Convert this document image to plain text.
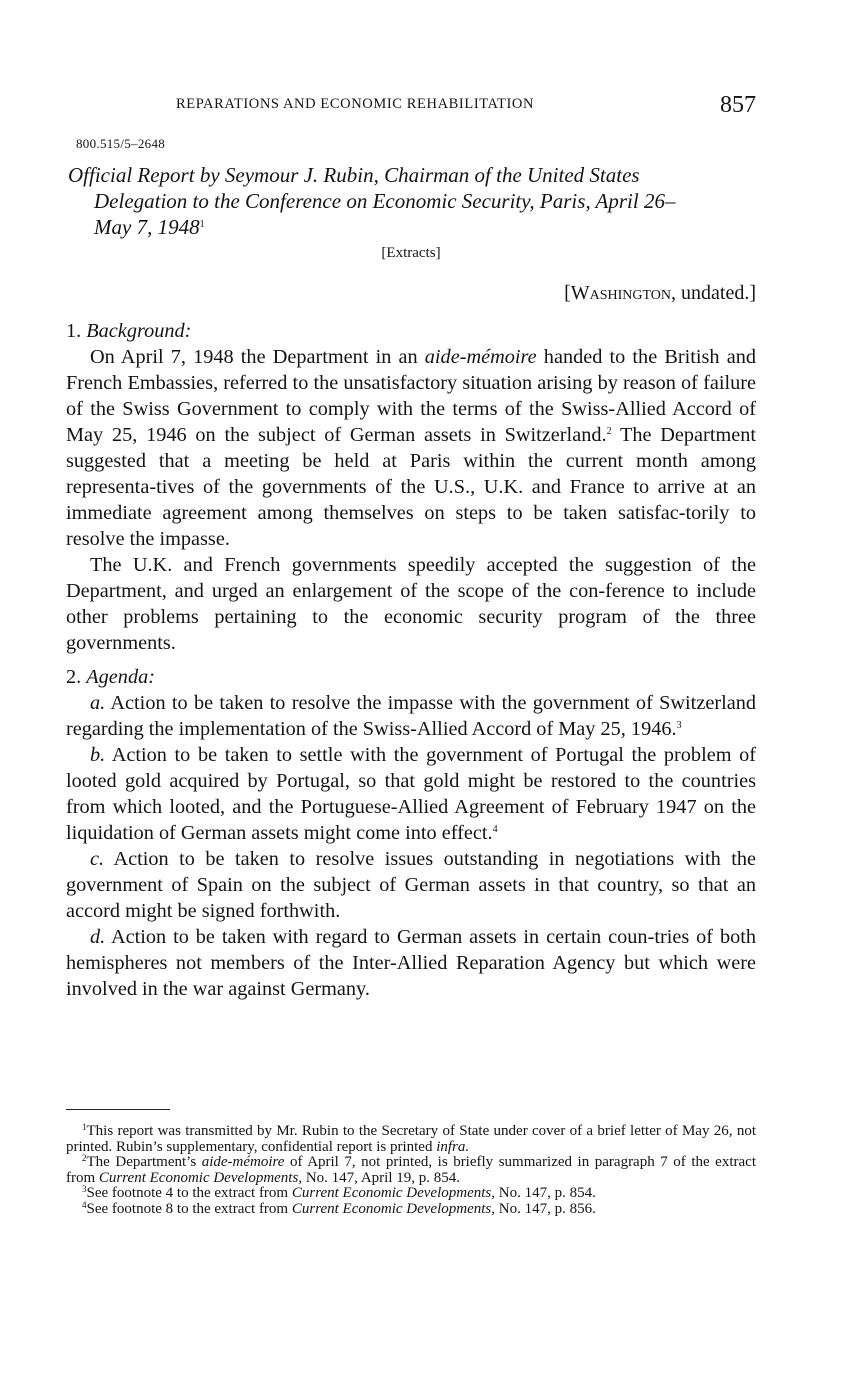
REPARATIONS AND ECONOMIC REHABILITATION	857
800.515/5–2648
Official Report by Seymour J. Rubin, Chairman of the United States
Delegation to the Conference on Economic Security, Paris, April 26–
May 7, 1948$^1$
[Extracts]
[Washington, undated.]
1. Background:

On April 7, 1948 the Department in an aide-mémoire handed to the British and French Embassies, referred to the unsatisfactory situation arising by reason of failure of the Swiss Government to comply with the terms of the Swiss-Allied Accord of May 25, 1946 on the subject of German assets in Switzerland.$^2$ The Department suggested that a meeting be held at Paris within the current month among representa-tives of the governments of the U.S., U.K. and France to arrive at an immediate agreement among themselves on steps to be taken satisfac-torily to resolve the impasse.

The U.K. and French governments speedily accepted the suggestion of the Department, and urged an enlargement of the scope of the con-ference to include other problems pertaining to the economic security program of the three governments.

2. Agenda:

a. Action to be taken to resolve the impasse with the government of Switzerland regarding the implementation of the Swiss-Allied Accord of May 25, 1946.$^3$

b. Action to be taken to settle with the government of Portugal the problem of looted gold acquired by Portugal, so that gold might be restored to the countries from which looted, and the Portuguese-Allied Agreement of February 1947 on the liquidation of German assets might come into effect.$^4$

c. Action to be taken to resolve issues outstanding in negotiations with the government of Spain on the subject of German assets in that country, so that an accord might be signed forthwith.

d. Action to be taken with regard to German assets in certain coun-tries of both hemispheres not members of the Inter-Allied Reparation Agency but which were involved in the war against Germany.

$^1$This report was transmitted by Mr. Rubin to the Secretary of State under cover of a brief letter of May 26, not printed. Rubin’s supplementary, confidential report is printed infra.

$^2$The Department’s aide-mémoire of April 7, not printed, is briefly summarized in paragraph 7 of the extract from Current Economic Developments, No. 147, April 19, p. 854.

$^3$See footnote 4 to the extract from Current Economic Developments, No. 147, p. 854.

$^4$See footnote 8 to the extract from Current Economic Developments, No. 147, p. 856.
